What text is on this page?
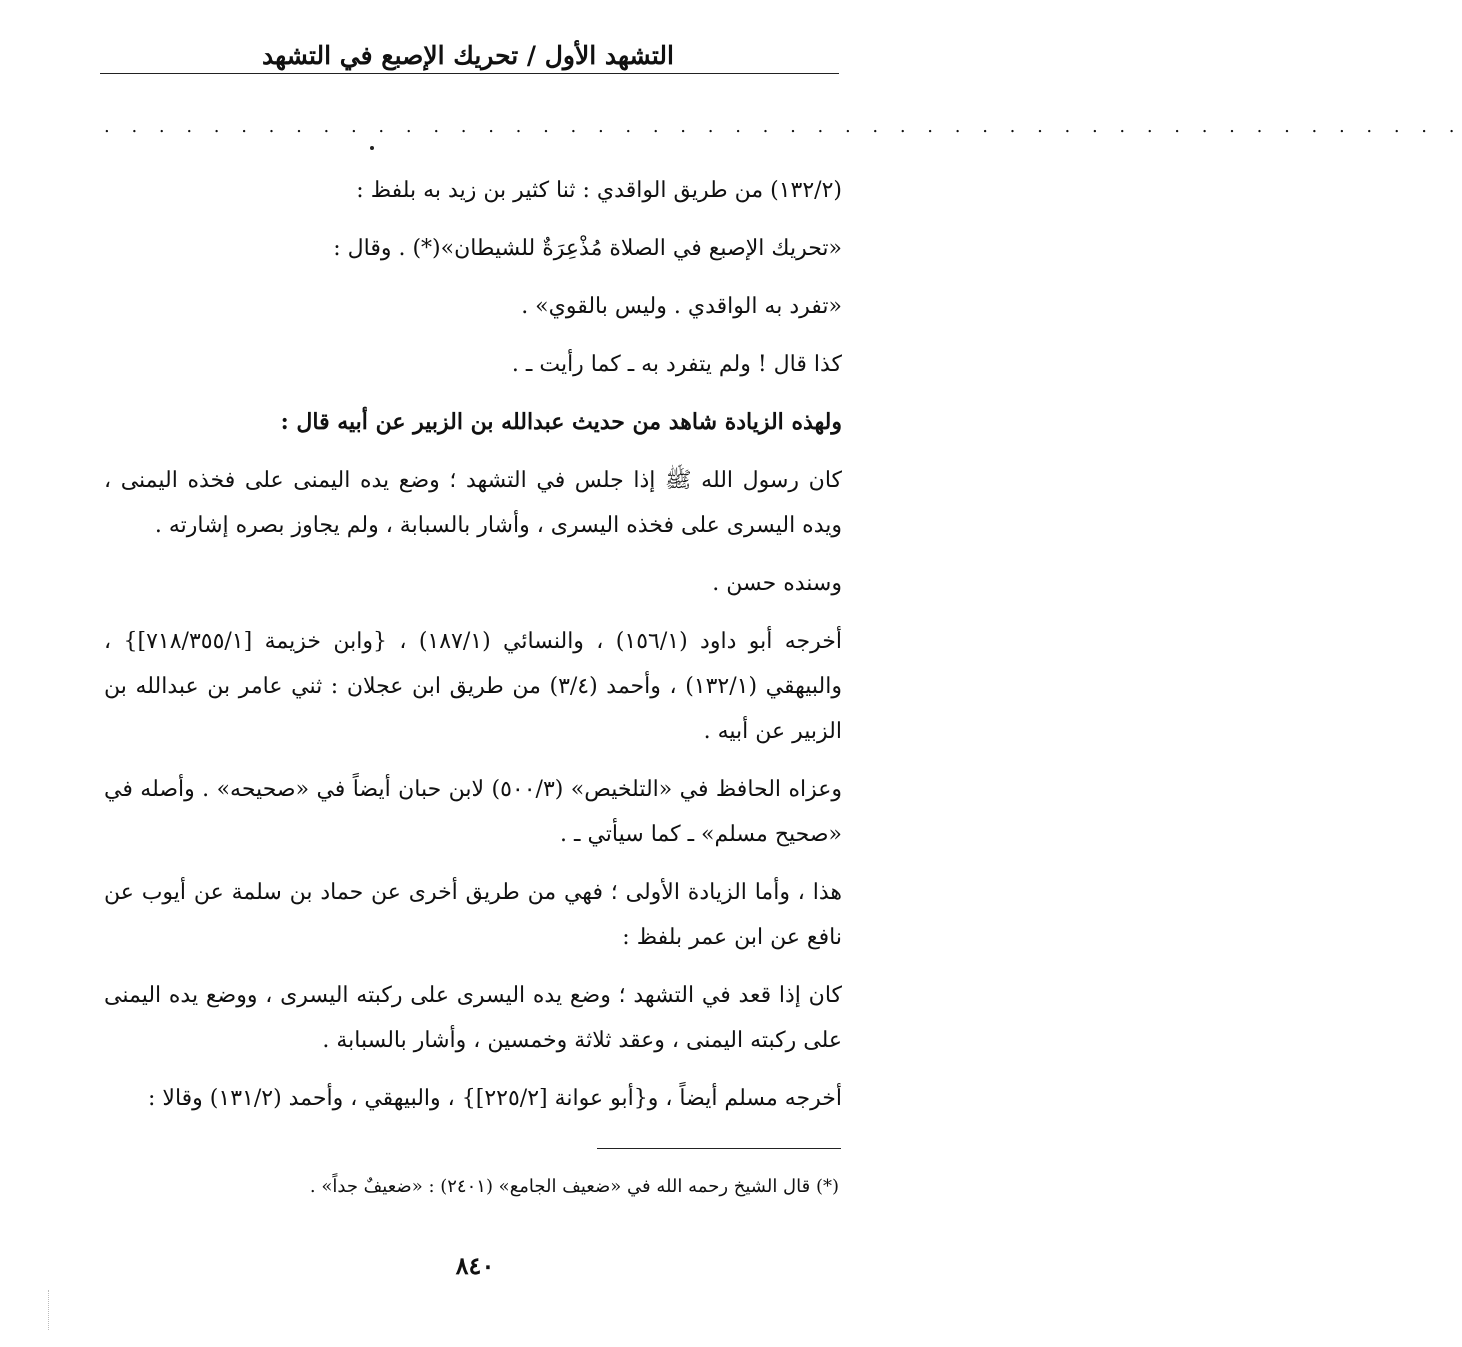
التشهد الأول / تحريك الإصبع في التشهد
. . . . . . . . . . . . . . . . . . . . . . . . . . . . . . . . . . . . . . . . . . . . . . . . . .

(١٣٢/٢) من طريق الواقدي : ثنا كثير بن زيد به بلفظ :

«تحريك الإصبع في الصلاة مُذْعِرَةٌ للشيطان»(*) . وقال :

«تفرد به الواقدي . وليس بالقوي» .

كذا قال ! ولم يتفرد به ـ كما رأيت ـ .

ولهذه الزيادة شاهد من حديث عبدالله بن الزبير عن أبيه قال :

كان رسول الله ﷺ إذا جلس في التشهد ؛ وضع يده اليمنى على فخذه اليمنى ، ويده اليسرى على فخذه اليسرى ، وأشار بالسبابة ، ولم يجاوز بصره إشارته .

وسنده حسن .

أخرجه أبو داود (١٥٦/١) ، والنسائي (١٨٧/١) ، {وابن خزيمة [٧١٨/٣٥٥/١]} ، والبيهقي (١٣٢/١) ، وأحمد (٣/٤) من طريق ابن عجلان : ثني عامر بن عبدالله بن الزبير عن أبيه .

وعزاه الحافظ في «التلخيص» (٥٠٠/٣) لابن حبان أيضاً في «صحيحه» . وأصله في «صحيح مسلم» ـ كما سيأتي ـ .

هذا ، وأما الزيادة الأولى ؛ فهي من طريق أخرى عن حماد بن سلمة عن أيوب عن نافع عن ابن عمر بلفظ :

كان إذا قعد في التشهد ؛ وضع يده اليسرى على ركبته اليسرى ، ووضع يده اليمنى على ركبته اليمنى ، وعقد ثلاثة وخمسين ، وأشار بالسبابة .

أخرجه مسلم أيضاً ، و{أبو عوانة [٢٢٥/٢]} ، والبيهقي ، وأحمد (١٣١/٢) وقالا :

(*) قال الشيخ رحمه الله في «ضعيف الجامع» (٢٤٠١) : «ضعيفٌ جداً» .
٨٤٠
